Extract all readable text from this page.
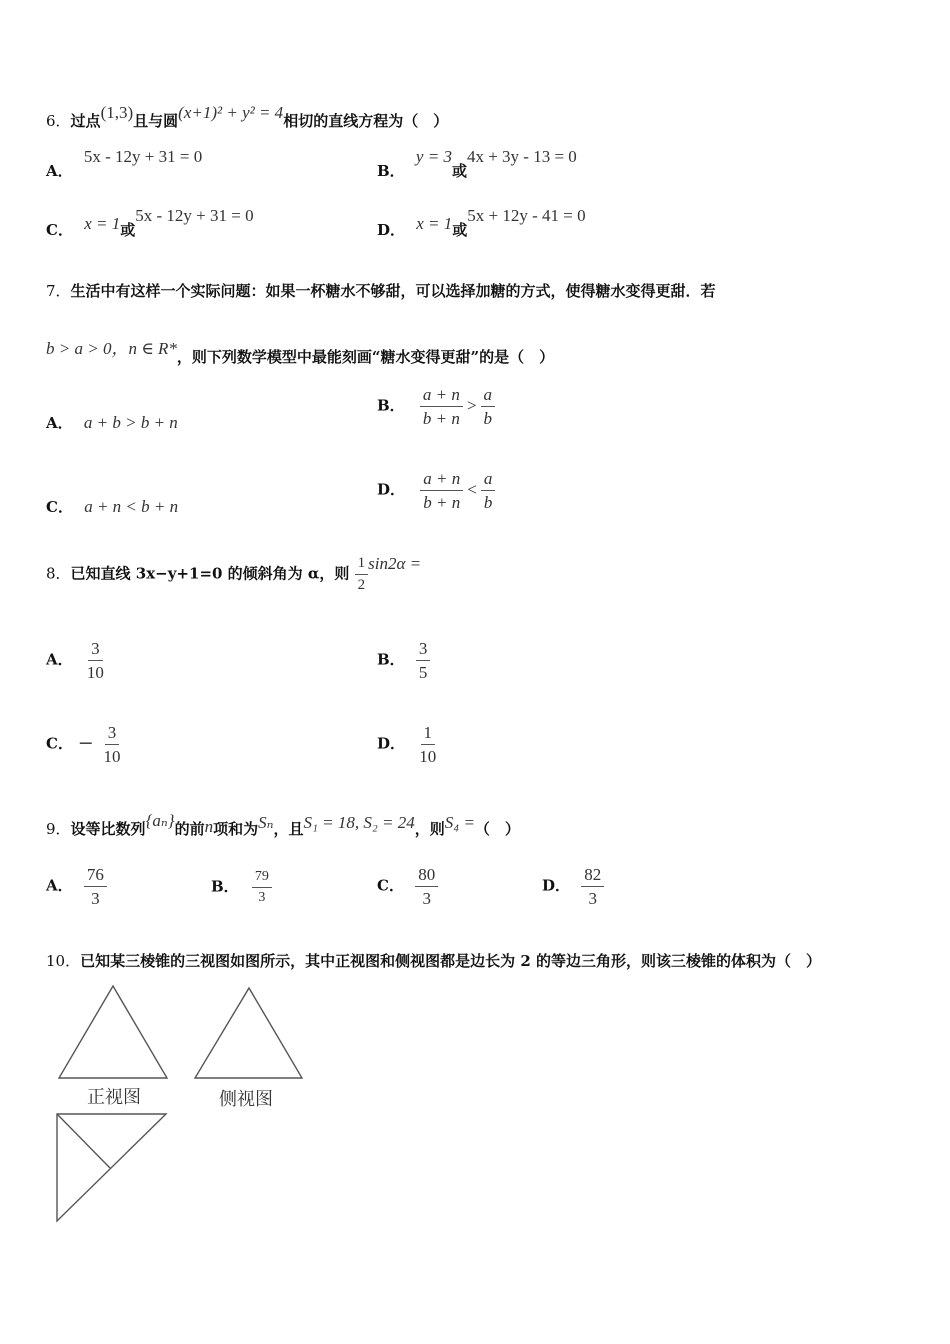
6．过点(1,3)且与圆(x+1)² + y² = 4相切的直线方程为（　）
A． 5x - 12y + 31 = 0
B． y = 3或4x + 3y - 13 = 0
C． x = 1或5x - 12y + 31 = 0
D． x = 1或5x + 12y - 41 = 0
7．生活中有这样一个实际问题：如果一杯糖水不够甜，可以选择加糖的方式，使得糖水变得更甜．若
b > a > 0，n ∈ R*，则下列数学模型中最能刻画“糖水变得更甜”的是（　）
A． a + b > b + n
B． $\frac{a + n}{b + n} > \frac{a}{b}$
C． a + n < b + n
D． $\frac{a + n}{b + n} < \frac{a}{b}$
8．已知直线 3x−y+1=0 的倾斜角为 α，则 $\frac{1}{2} \sin 2\alpha$ =
A． $\frac{3}{10}$	B． $\frac{3}{5}$
C． － $\frac{3}{10}$	D． $\frac{1}{10}$
9．设等比数列{aₙ}的前n项和为Sₙ，且S₁ = 18, S₂ = 24，则S₄ =（　）
A． $\frac{76}{3}$	B． $\frac{79}{3}$	C． $\frac{80}{3}$	D． $\frac{82}{3}$
10．已知某三棱锥的三视图如图所示，其中正视图和侧视图都是边长为 2 的等边三角形，则该三棱锥的体积为（　）
正视图	侧视图
